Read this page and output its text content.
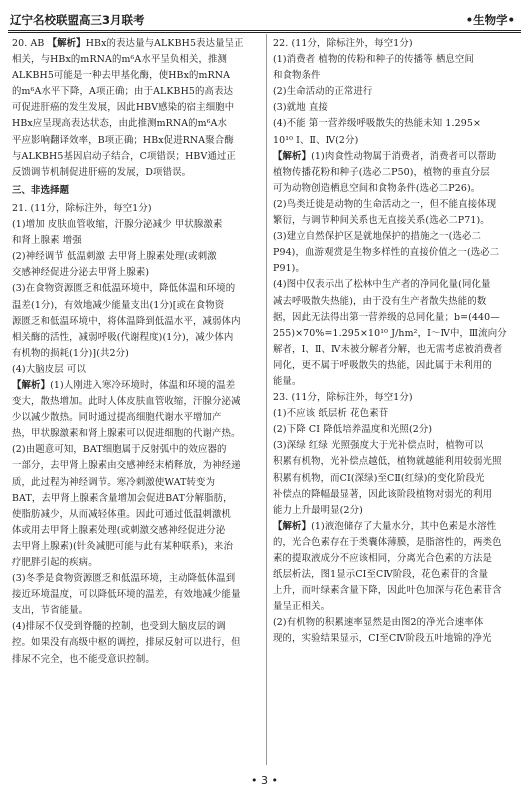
辽宁名校联盟高三3月联考	•生物学•
20. AB 【解析】HBx的表达量与ALKBH5表达量呈正
相关，与HBx的mRNA的m⁶A水平呈负相关，推测
ALKBH5可能是一种去甲基化酶，使HBx的mRNA
的m⁶A水平下降，A项正确；由于ALKBH5的高表达
可促进肝癌的发生发展，因此HBV感染的宿主细胞中
HBx应呈现高表达状态，由此推测mRNA的m⁶A水
平应影响翻译效率，B项正确；HBx促进RNA聚合酶
与ALKBH5基因启动子结合，C项错误；HBV通过正
反馈调节机制促进肝癌的发展，D项错误。
三、非选择题
21. (11分，除标注外，每空1分)
(1)增加 皮肤血管收缩，汗腺分泌减少 甲状腺激素
和肾上腺素 增强
(2)神经调节 低温刺激 去甲肾上腺素处理(或刺激
交感神经促进分泌去甲肾上腺素)
(3)在食物资源匮乏和低温环境中，降低体温和环境的
温差(1分)，有效地减少能量支出(1分)[或在食物资
源匮乏和低温环境中，将体温降到低温水平，减弱体内
相关酶的活性，减弱呼吸(代谢程度)(1分)，减少体内
有机物的损耗(1分)](共2分)
(4)大脑皮层 可以
【解析】(1)人刚进入寒冷环境时，体温和环境的温差
变大，散热增加。此时人体皮肤血管收缩，汗腺分泌减
少以减少散热。同时通过提高细胞代谢水平增加产
热，甲状腺激素和肾上腺素可以促进细胞的代谢产热。
(2)由题意可知，BAT细胞属于反射弧中的效应器的
一部分，去甲肾上腺素由交感神经末梢释放，为神经递
质，此过程为神经调节。寒冷刺激使WAT转变为
BAT，去甲肾上腺素含量增加会促进BAT分解脂肪，
使脂肪减少，从而减轻体重。因此可通过低温刺激机
体或用去甲肾上腺素处理(或刺激交感神经促进分泌
去甲肾上腺素)(针灸减肥可能与此有某种联系)，来治
疗肥胖引起的疾病。
(3)冬季是食物资源匮乏和低温环境，主动降低体温到
接近环境温度，可以降低环境的温差，有效地减少能量
支出，节省能量。
(4)排尿不仅受到脊髓的控制，也受到大脑皮层的调
控。如果没有高级中枢的调控，排尿反射可以进行，但
排尿不完全，也不能受意识控制。
22. (11分，除标注外，每空1分)
(1)消费者 植物的传粉和种子的传播等 栖息空间
和食物条件
(2)生命活动的正常进行
(3)就地 直接
(4)不能 第一营养级呼吸散失的热能未知 1.295×
10¹⁰ Ⅰ、Ⅱ、Ⅳ(2分)
【解析】(1)肉食性动物属于消费者，消费者可以帮助
植物传播花粉和种子(选必二P50)，植物的垂直分层
可为动物创造栖息空间和食物条件(选必二P26)。
(2)鸟类迁徙是动物的生命活动之一，但不能直接体现
繁衍，与调节种间关系也无直接关系(选必二P71)。
(3)建立自然保护区是就地保护的措施之一(选必二
P94)，血游观赏是生物多样性的直接价值之一(选必二
P91)。
(4)图中仅表示出了松林中生产者的净同化量(同化量
减去呼吸散失热能)，由于没有生产者散失热能的数
据，因此无法得出第一营养级的总同化量；b=(440—
255)×70%=1.295×10¹⁰ J/hm²，Ⅰ～Ⅳ中，Ⅲ流向分
解者，Ⅰ、Ⅱ、Ⅳ未被分解者分解，也无需考虑被消费者
同化，更不属于呼吸散失的热能，因此属于未利用的
能量。
23. (11分，除标注外，每空1分)
(1)不应该 纸层析 花色素苷
(2)下降 CⅠ 降低培养温度和光照(2分)
(3)深绿 红绿 光照强度大于光补偿点时，植物可以
积累有机物，光补偿点越低，植物就越能利用较弱光照
积累有机物，而CⅠ(深绿)至CⅡ(红绿)的变化阶段光
补偿点的降幅最显著，因此该阶段植物对弱光的利用
能力上升最明显(2分)
【解析】(1)液泡储存了大量水分，其中色素是水溶性
的，光合色素存在于类囊体薄膜，是脂溶性的，两类色
素的提取液成分不应该相同，分离光合色素的方法是
纸层析法，图1显示CⅠ至CⅣ阶段，花色素苷的含量
上升，而叶绿素含量下降，因此叶色加深与花色素苷含
量呈正相关。
(2)有机物的积累速率显然是由图2的净光合速率体
现的，实验结果显示，CⅠ至CⅣ阶段五叶地锦的净光
• 3 •
